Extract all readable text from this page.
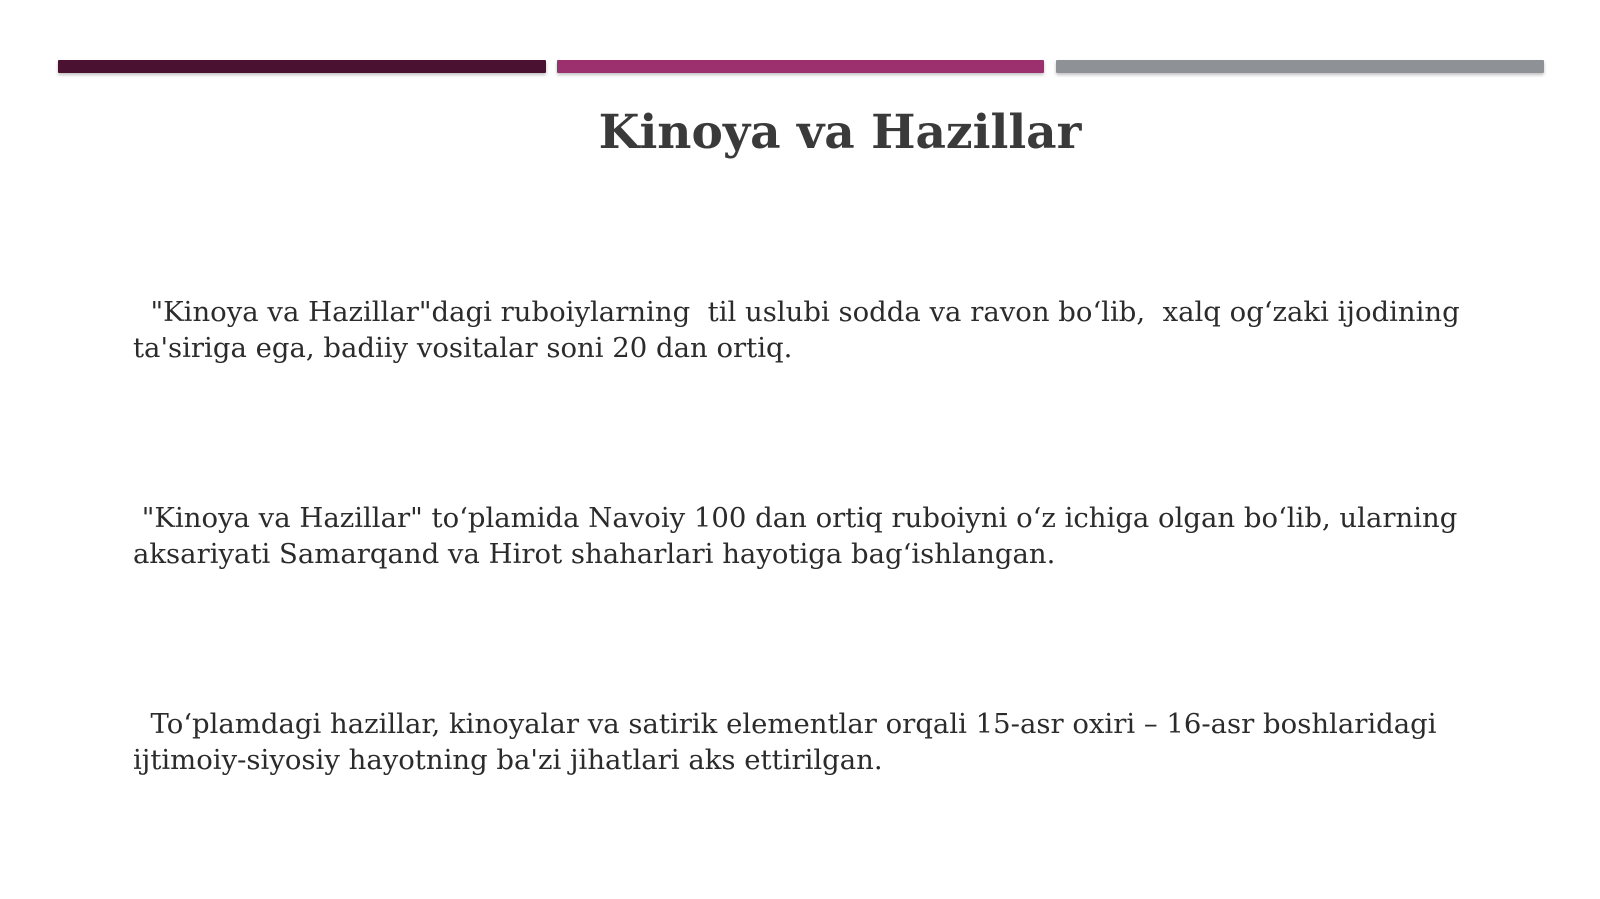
Kinoya va Hazillar

"Kinoya va Hazillar"dagi ruboiylarning  til uslubi sodda va ravon bo‘lib,  xalq og‘zaki ijodining  ta'siriga ega, badiiy vositalar soni 20 dan ortiq.

"Kinoya va Hazillar" to‘plamida Navoiy 100 dan ortiq ruboiyni o‘z ichiga olgan bo‘lib, ularning aksariyati Samarqand va Hirot shaharlari hayotiga bag‘ishlangan.

To‘plamdagi hazillar, kinoyalar va satirik elementlar orqali 15-asr oxiri – 16-asr boshlaridagi ijtimoiy-siyosiy hayotning ba'zi jihatlari aks ettirilgan.
